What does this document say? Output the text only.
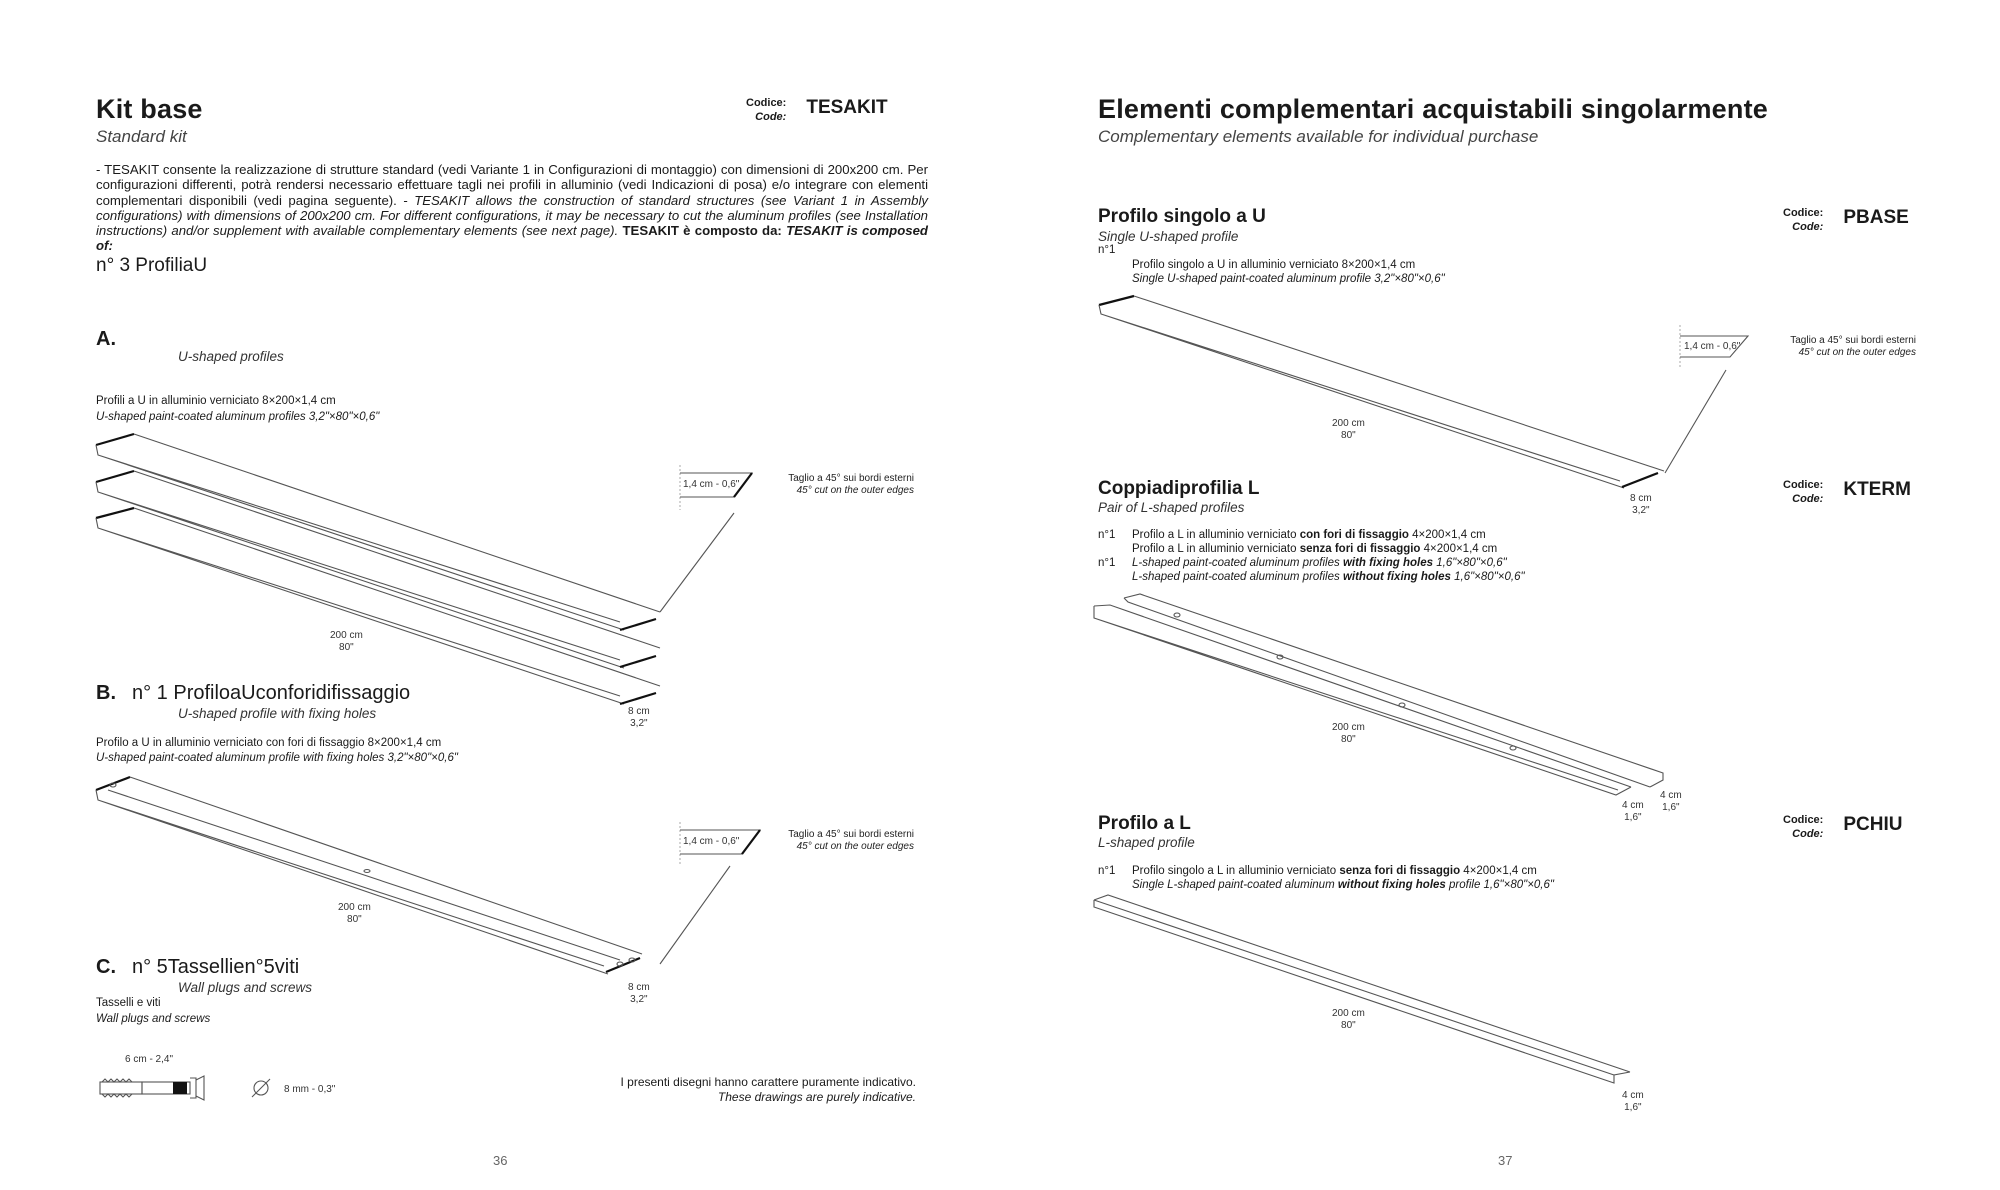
Kit base
Standard kit
Codice:
Code: TESAKIT
- TESAKIT consente la realizzazione di strutture standard (vedi Variante 1 in Configurazioni di montaggio) con dimensioni di 200x200 cm. Per configurazioni differenti, potrà rendersi necessario effettuare tagli nei profili in alluminio (vedi Indicazioni di posa) e/o integrare con elementi complementari disponibili (vedi pagina seguente). - TESAKIT allows the construction of standard structures (see Variant 1 in Assembly configurations) with dimensions of 200x200 cm. For different configurations, it may be necessary to cut the aluminum profiles (see Installation instructions) and/or supplement with available complementary elements (see next page). TESAKIT è composto da: TESAKIT is composed of:
n° 3 ProfiliaU
A.
U-shaped profiles
Profili a U in alluminio verniciato 8×200×1,4 cm
U-shaped paint-coated aluminum profiles 3,2"×80"×0,6"
200 cm
80"
8 cm
3,2"
1,4 cm - 0,6"
Taglio a 45° sui bordi esterni
45° cut on the outer edges
B. n° 1 ProfiloaUconforidifissaggio
U-shaped profile with fixing holes
Profilo a U in alluminio verniciato con fori di fissaggio 8×200×1,4 cm
U-shaped paint-coated aluminum profile with fixing holes 3,2"×80"×0,6"
200 cm
80"
8 cm
3,2"
1,4 cm - 0,6"
Taglio a 45° sui bordi esterni
45° cut on the outer edges
C. n° 5Tassellien°5viti
Wall plugs and screws
Tasselli e viti
Wall plugs and screws
6 cm - 2,4"
8 mm - 0,3"
I presenti disegni hanno carattere puramente indicativo.
These drawings are purely indicative.
36
Elementi complementari acquistabili singolarmente
Complementary elements available for individual purchase
Profilo singolo a U
Single U-shaped profile
n°1
Profilo singolo a U in alluminio verniciato 8×200×1,4 cm
Single U-shaped paint-coated aluminum profile 3,2"×80"×0,6"
Codice:
Code: PBASE
200 cm
80"
8 cm
3,2"
1,4 cm - 0,6"
Taglio a 45° sui bordi esterni
45° cut on the outer edges
Coppiadiprofilia L
Pair of L-shaped profiles
Codice:
Code: KTERM
n°1
n°1
Profilo a L in alluminio verniciato con fori di fissaggio 4×200×1,4 cm
Profilo a L in alluminio verniciato senza fori di fissaggio 4×200×1,4 cm
L-shaped paint-coated aluminum profiles with fixing holes 1,6"×80"×0,6"
L-shaped paint-coated aluminum profiles without fixing holes 1,6"×80"×0,6"
200 cm
80"
4 cm
1,6"
4 cm
1,6"
Profilo a L
L-shaped profile
Codice:
Code: PCHIU
n°1 Profilo singolo a L in alluminio verniciato senza fori di fissaggio 4×200×1,4 cm
Single L-shaped paint-coated aluminum without fixing holes profile 1,6"×80"×0,6"
200 cm
80"
4 cm
1,6"
37
